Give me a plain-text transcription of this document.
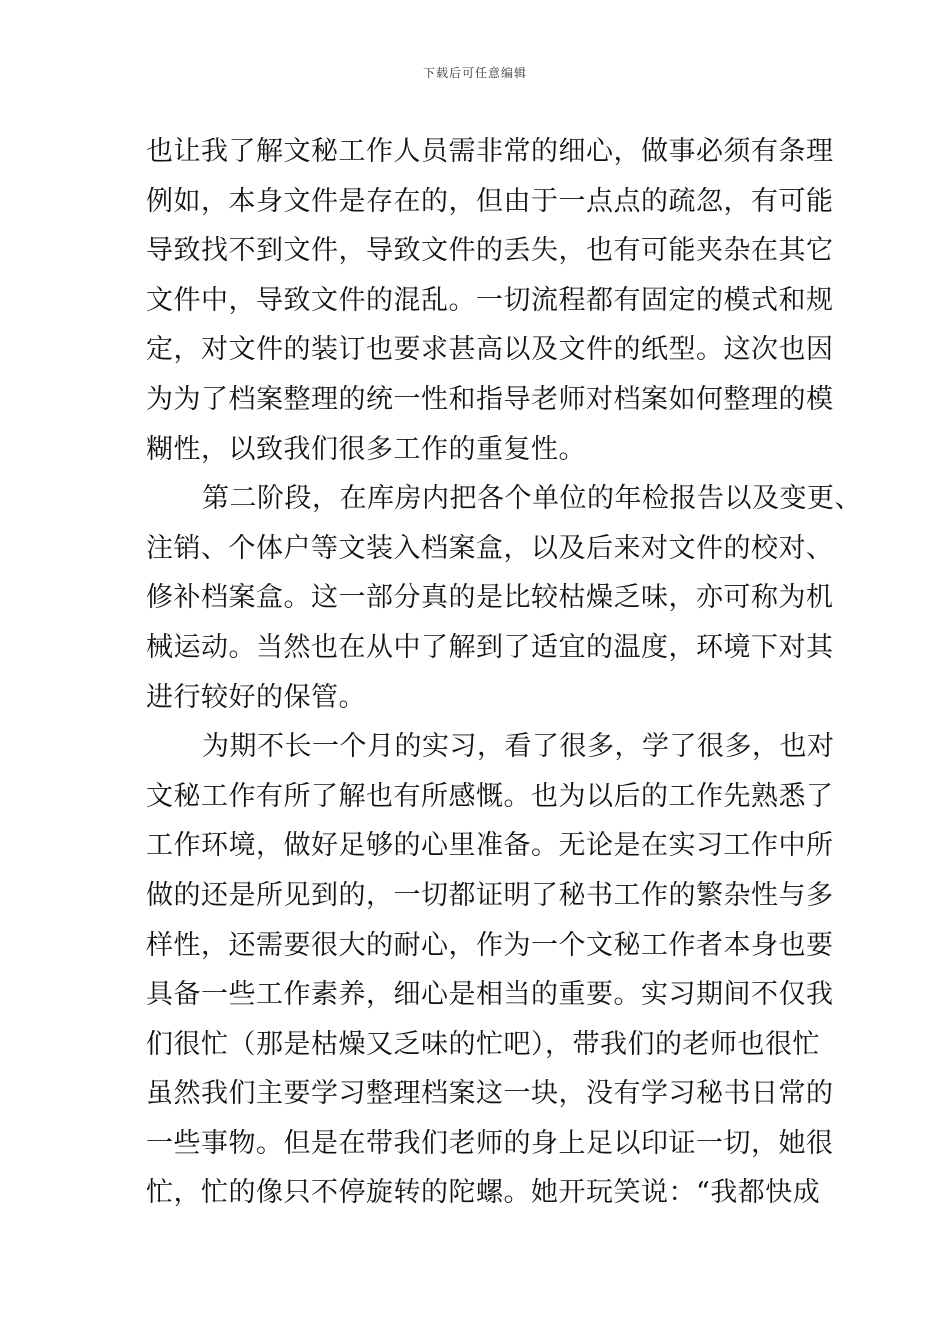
下载后可任意编辑
也让我了解文秘工作人员需非常的细心，做事必须有条理
例如，本身文件是存在的，但由于一点点的疏忽，有可能
导致找不到文件，导致文件的丢失，也有可能夹杂在其它
文件中，导致文件的混乱。一切流程都有固定的模式和规
定，对文件的装订也要求甚高以及文件的纸型。这次也因
为为了档案整理的统一性和指导老师对档案如何整理的模
糊性，以致我们很多工作的重复性。
第二阶段，在库房内把各个单位的年检报告以及变更、
注销、个体户等文装入档案盒，以及后来对文件的校对、
修补档案盒。这一部分真的是比较枯燥乏味，亦可称为机
械运动。当然也在从中了解到了适宜的温度，环境下对其
进行较好的保管。
为期不长一个月的实习，看了很多，学了很多，也对
文秘工作有所了解也有所感慨。也为以后的工作先熟悉了
工作环境，做好足够的心里准备。无论是在实习工作中所
做的还是所见到的，一切都证明了秘书工作的繁杂性与多
样性，还需要很大的耐心，作为一个文秘工作者本身也要
具备一些工作素养，细心是相当的重要。实习期间不仅我
们很忙（那是枯燥又乏味的忙吧），带我们的老师也很忙
虽然我们主要学习整理档案这一块，没有学习秘书日常的
一些事物。但是在带我们老师的身上足以印证一切，她很
忙，忙的像只不停旋转的陀螺。她开玩笑说：“我都快成
